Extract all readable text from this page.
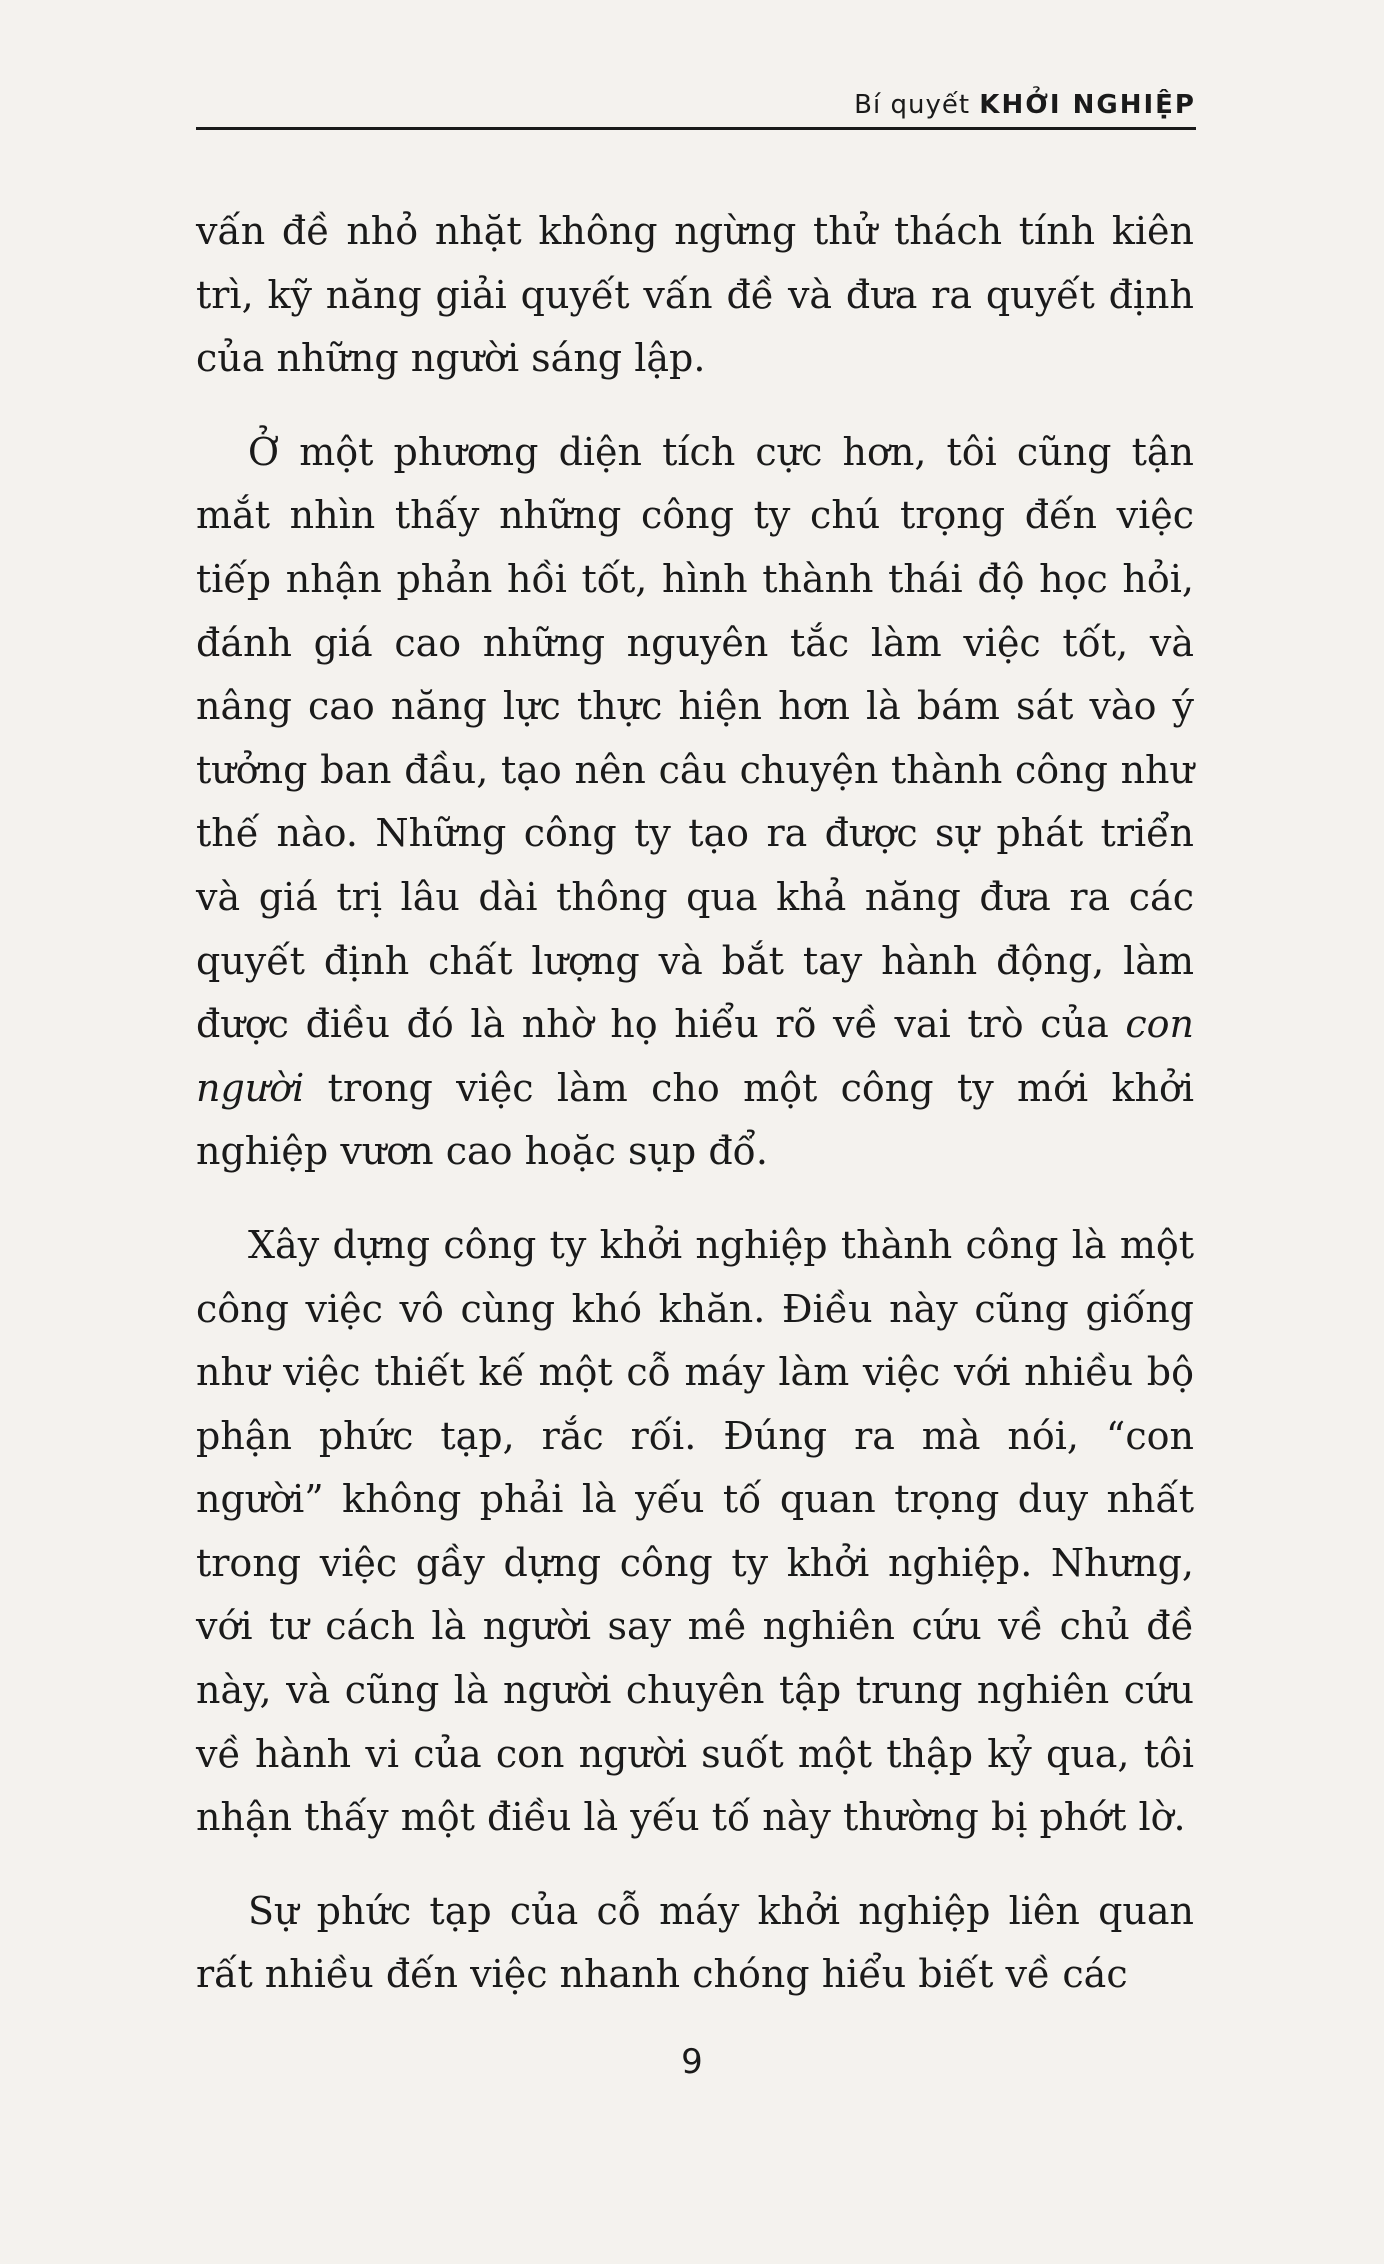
Bí quyết KHỞI NGHIỆP

vấn đề nhỏ nhặt không ngừng thử thách tính kiên trì, kỹ năng giải quyết vấn đề và đưa ra quyết định của những người sáng lập.

Ở một phương diện tích cực hơn, tôi cũng tận mắt nhìn thấy những công ty chú trọng đến việc tiếp nhận phản hồi tốt, hình thành thái độ học hỏi, đánh giá cao những nguyên tắc làm việc tốt, và nâng cao năng lực thực hiện hơn là bám sát vào ý tưởng ban đầu, tạo nên câu chuyện thành công như thế nào. Những công ty tạo ra được sự phát triển và giá trị lâu dài thông qua khả năng đưa ra các quyết định chất lượng và bắt tay hành động, làm được điều đó là nhờ họ hiểu rõ về vai trò của con người trong việc làm cho một công ty mới khởi nghiệp vươn cao hoặc sụp đổ.

Xây dựng công ty khởi nghiệp thành công là một công việc vô cùng khó khăn. Điều này cũng giống như việc thiết kế một cỗ máy làm việc với nhiều bộ phận phức tạp, rắc rối. Đúng ra mà nói, “con người” không phải là yếu tố quan trọng duy nhất trong việc gầy dựng công ty khởi nghiệp. Nhưng, với tư cách là người say mê nghiên cứu về chủ đề này, và cũng là người chuyên tập trung nghiên cứu về hành vi của con người suốt một thập kỷ qua, tôi nhận thấy một điều là yếu tố này thường bị phớt lờ.

Sự phức tạp của cỗ máy khởi nghiệp liên quan rất nhiều đến việc nhanh chóng hiểu biết về các

9
